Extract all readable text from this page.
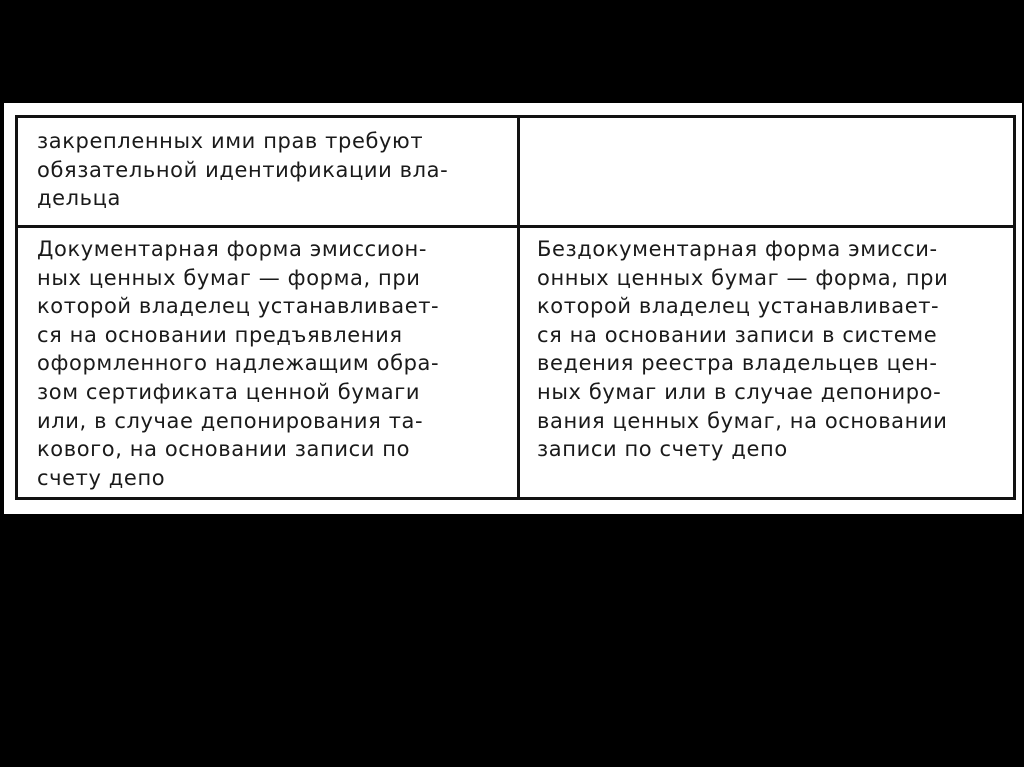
закрепленных ими прав требуют
обязательной идентификации вла-
дельца
Документарная форма эмиссион-
ных ценных бумаг — форма, при
которой владелец устанавливает-
ся на основании предъявления
оформленного надлежащим обра-
зом сертификата ценной бумаги
или, в случае депонирования та-
кового, на основании записи по
счету депо
Бездокументарная форма эмисси-
онных ценных бумаг — форма, при
которой владелец устанавливает-
ся на основании записи в системе
ведения реестра владельцев цен-
ных бумаг или в случае депониро-
вания ценных бумаг, на основании
записи по счету депо
